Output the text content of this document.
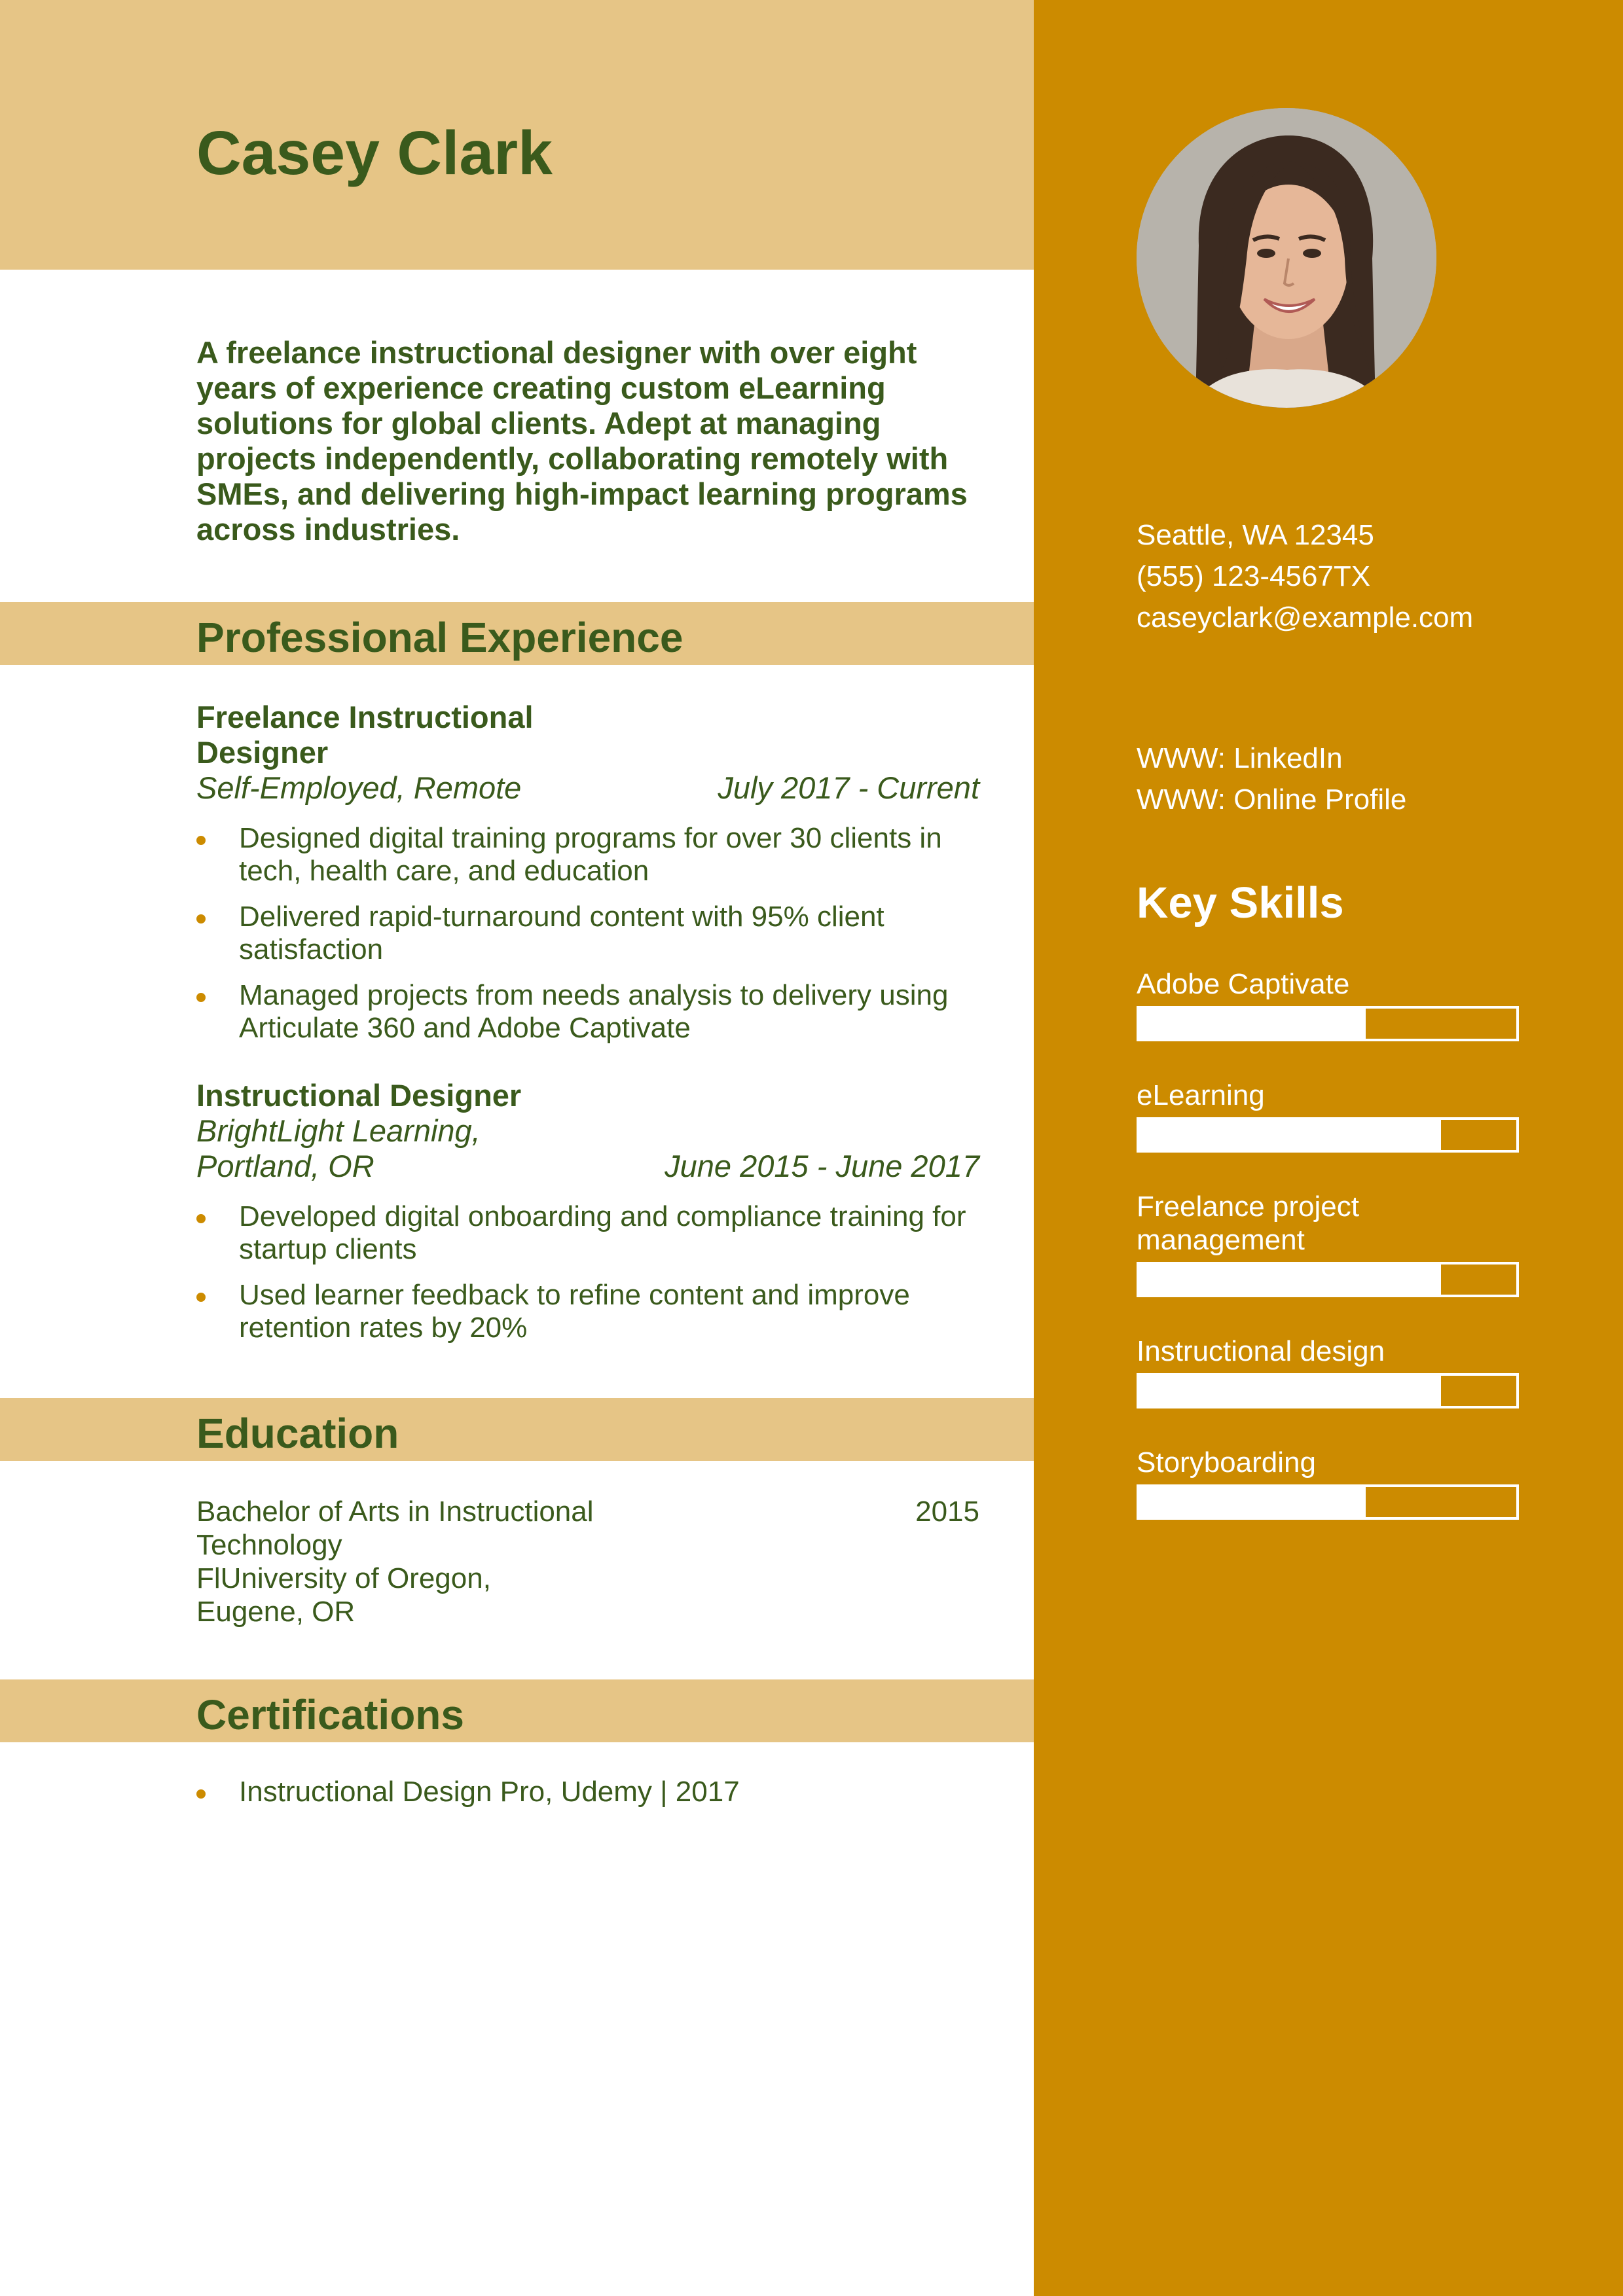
Casey Clark

A freelance instructional designer with over eight years of experience creating custom eLearning solutions for global clients. Adept at managing projects independently, collaborating remotely with SMEs, and delivering high-impact learning programs across industries.

Professional Experience
Freelance Instructional Designer
Self-Employed, Remote	July 2017 - Current
Designed digital training programs for over 30 clients in tech, health care, and education
Delivered rapid-turnaround content with 95% client satisfaction
Managed projects from needs analysis to delivery using Articulate 360 and Adobe Captivate
Instructional Designer
BrightLight Learning, Portland, OR	June 2015 - June 2017
Developed digital onboarding and compliance training for startup clients
Used learner feedback to refine content and improve retention rates by 20%
Education
Bachelor of Arts in Instructional Technology
FlUniversity of Oregon, Eugene, OR
2015
Certifications
Instructional Design Pro, Udemy | 2017
Seattle, WA 12345
(555) 123-4567TX
caseyclark@example.com
WWW: LinkedIn
WWW: Online Profile
Key Skills
Adobe Captivate
eLearning
Freelance project management
Instructional design
Storyboarding
